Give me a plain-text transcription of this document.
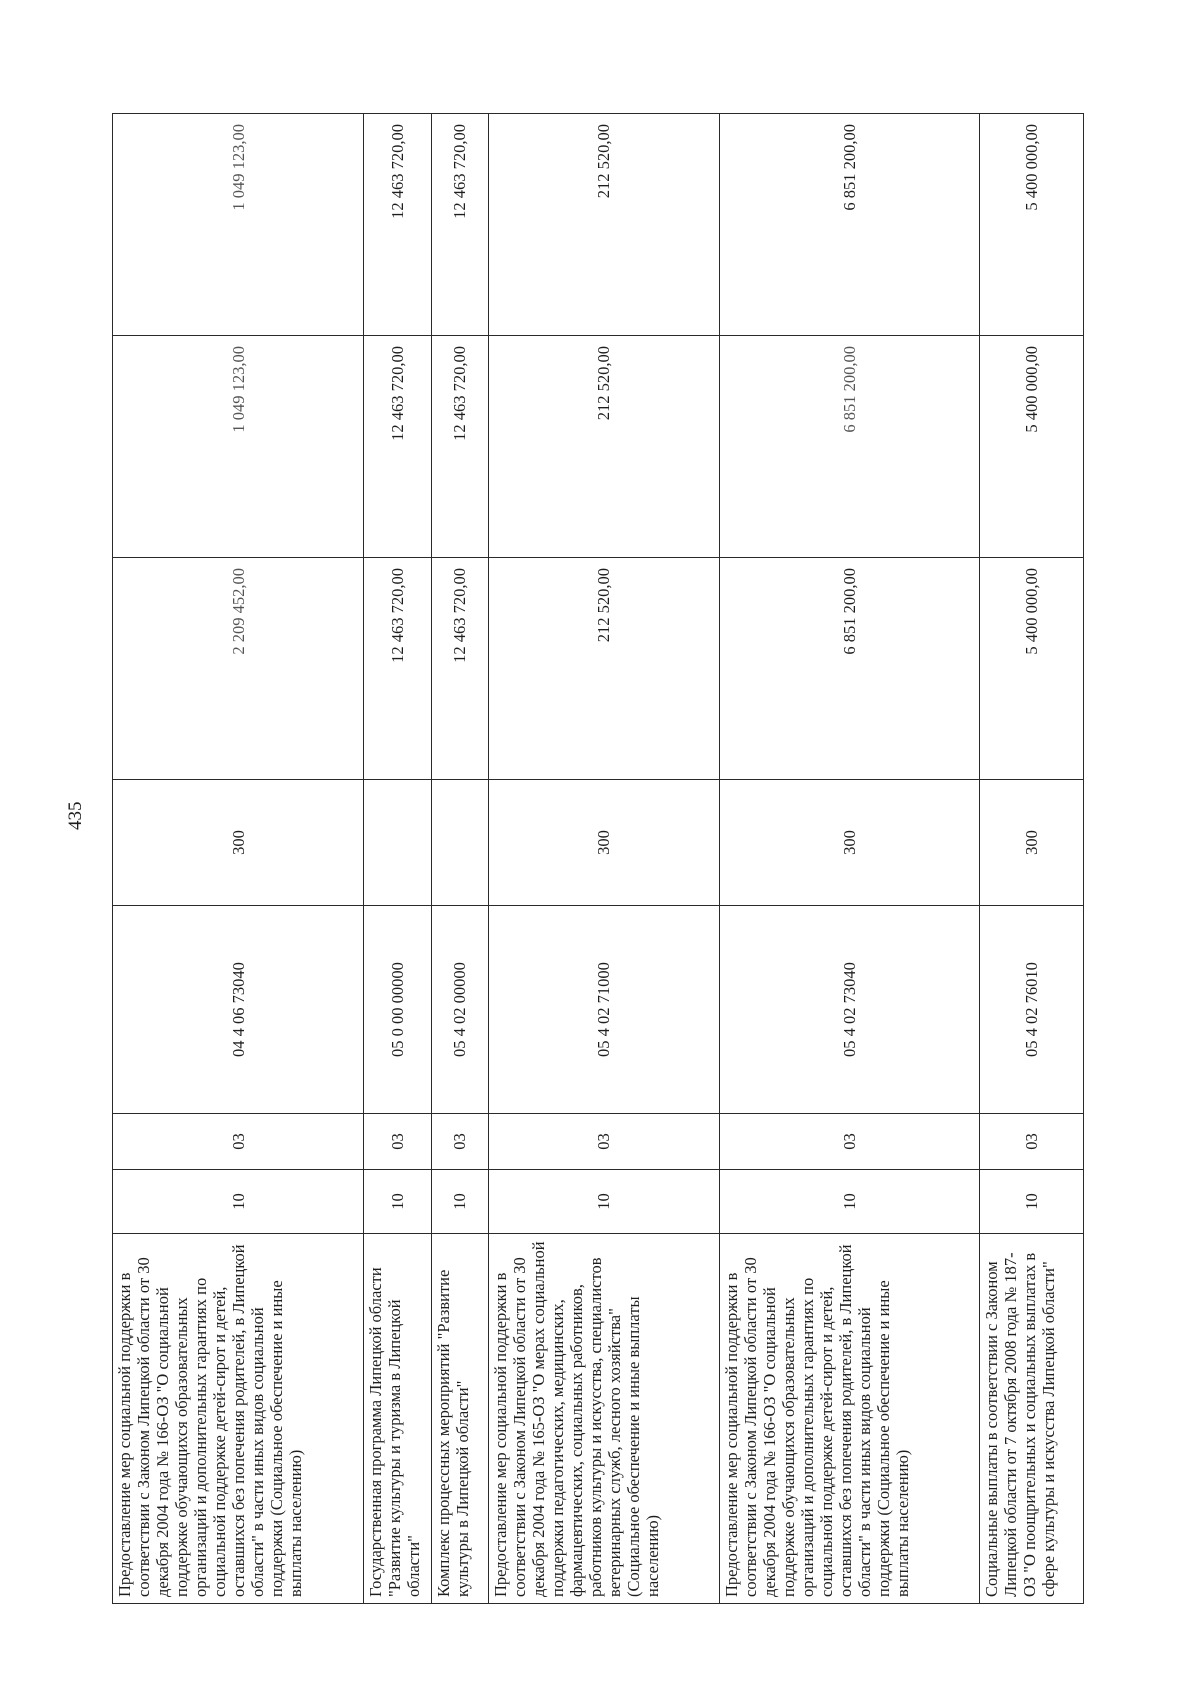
435
Предоставление мер социальной поддержки в соответствии с Законом Липецкой области от 30 декабря 2004 года № 166-ОЗ "О социальной поддержке обучающихся образовательных организаций и дополнительных гарантиях по социальной поддержке детей-сирот и детей, оставшихся без попечения родителей, в Липецкой области" в части иных видов социальной поддержки (Социальное обеспечение и иные выплаты населению)	10	03	04 4 06 73040	300	2 209 452,00	1 049 123,00	1 049 123,00
Государственная программа Липецкой области "Развитие культуры и туризма в Липецкой области"	10	03	05 0 00 00000		12 463 720,00	12 463 720,00	12 463 720,00
Комплекс процессных мероприятий "Развитие культуры в Липецкой области"	10	03	05 4 02 00000		12 463 720,00	12 463 720,00	12 463 720,00
Предоставление мер социальной поддержки в соответствии с Законом Липецкой области от 30 декабря 2004 года № 165-ОЗ "О мерах социальной поддержки педагогических, медицинских, фармацевтических, социальных работников, работников культуры и искусства, специалистов ветеринарных служб, лесного хозяйства" (Социальное обеспечение и иные выплаты населению)	10	03	05 4 02 71000	300	212 520,00	212 520,00	212 520,00
Предоставление мер социальной поддержки в соответствии с Законом Липецкой области от 30 декабря 2004 года № 166-ОЗ "О социальной поддержке обучающихся образовательных организаций и дополнительных гарантиях по социальной поддержке детей-сирот и детей, оставшихся без попечения родителей, в Липецкой области" в части иных видов социальной поддержки (Социальное обеспечение и иные выплаты населению)	10	03	05 4 02 73040	300	6 851 200,00	6 851 200,00	6 851 200,00
Социальные выплаты в соответствии с Законом Липецкой области от 7 октября 2008 года № 187-ОЗ "О поощрительных и социальных выплатах в сфере культуры и искусства Липецкой области"	10	03	05 4 02 76010	300	5 400 000,00	5 400 000,00	5 400 000,00
